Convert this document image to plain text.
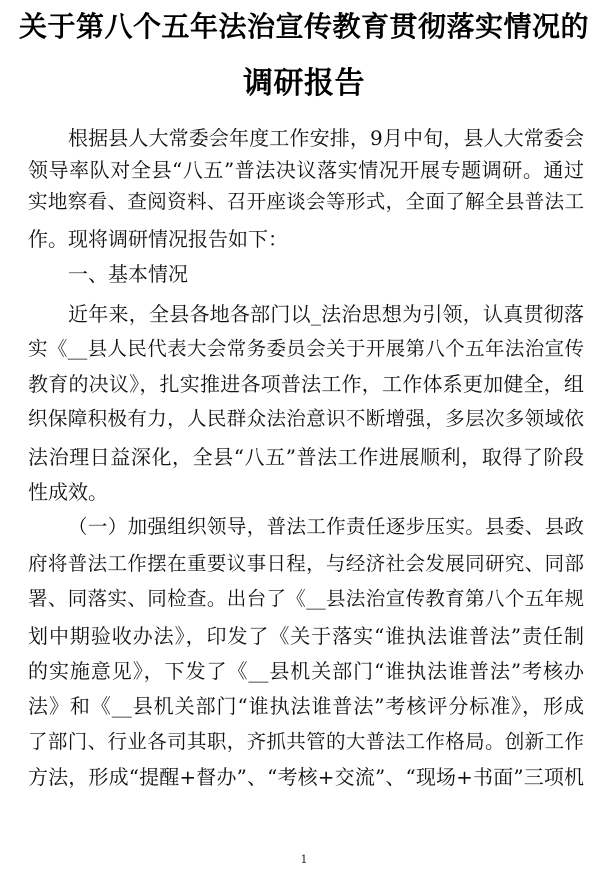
关于第八个五年法治宣传教育贯彻落实情况的
调研报告
根据县人大常委会年度工作安排，9月中旬，县人大常委会
领导率队对全县“八五”普法决议落实情况开展专题调研。通过
实地察看、查阅资料、召开座谈会等形式，全面了解全县普法工
作。现将调研情况报告如下：
一、基本情况
近年来，全县各地各部门以_法治思想为引领，认真贯彻落
实《__县人民代表大会常务委员会关于开展第八个五年法治宣传
教育的决议》，扎实推进各项普法工作，工作体系更加健全，组
织保障积极有力，人民群众法治意识不断增强，多层次多领域依
法治理日益深化，全县“八五”普法工作进展顺利，取得了阶段
性成效。
（一）加强组织领导，普法工作责任逐步压实。县委、县政
府将普法工作摆在重要议事日程，与经济社会发展同研究、同部
署、同落实、同检查。出台了《__县法治宣传教育第八个五年规
划中期验收办法》，印发了《关于落实“谁执法谁普法”责任制
的实施意见》，下发了《__县机关部门“谁执法谁普法”考核办
法》和《__县机关部门“谁执法谁普法”考核评分标准》，形成
了部门、行业各司其职，齐抓共管的大普法工作格局。创新工作
方法，形成“提醒+督办”、“考核+交流”、“现场+书面”三项机
1
